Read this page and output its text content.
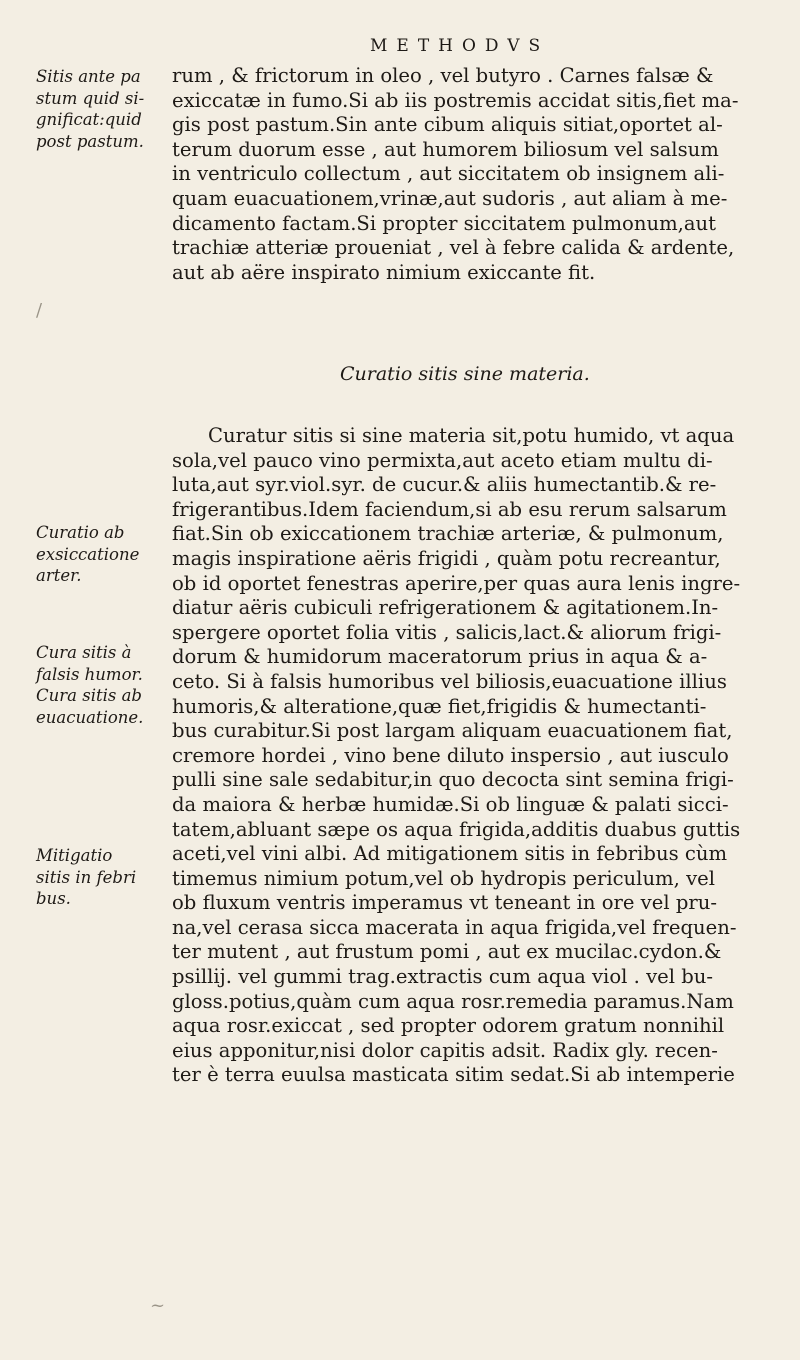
METHODVS
Sitis ante pa
stum quid si-
gnificat:quid
post pastum.
rum , & frictorum in oleo , vel butyro . Carnes falsæ &
exiccatæ in fumo.Si ab iis postremis accidat sitis,fiet ma-
gis post pastum.Sin ante cibum aliquis sitiat,oportet al-
terum duorum esse , aut humorem biliosum vel salsum
in ventriculo collectum , aut siccitatem ob insignem ali-
quam euacuationem,vrinæ,aut sudoris , aut aliam à me-
dicamento factam.Si propter siccitatem pulmonum,aut
trachiæ atteriæ proueniat , vel à febre calida & ardente,
aut ab aëre inspirato nimium exiccante fit.
/
Curatio sitis sine materia.
Curatio ab
exsiccatione
arter.
Cura sitis à
falsis humor.
Cura sitis ab
euacuatione.
Mitigatio
sitis in febri
bus.
Curatur sitis si sine materia sit,potu humido, vt aqua
sola,vel pauco vino permixta,aut aceto etiam multu di-
luta,aut syr.viol.syr. de cucur.& aliis humectantib.& re-
frigerantibus.Idem faciendum,si ab esu rerum salsarum
fiat.Sin ob exiccationem trachiæ arteriæ, & pulmonum,
magis inspiratione aëris frigidi , quàm potu recreantur,
ob id oportet fenestras aperire,per quas aura lenis ingre-
diatur aëris cubiculi refrigerationem & agitationem.In-
spergere oportet folia vitis , salicis,lact.& aliorum frigi-
dorum & humidorum maceratorum prius in aqua & a-
ceto. Si à falsis humoribus vel biliosis,euacuatione illius
humoris,& alteratione,quæ fiet,frigidis & humectanti-
bus curabitur.Si post largam aliquam euacuationem fiat,
cremore hordei , vino bene diluto inspersio , aut iusculo
pulli sine sale sedabitur,in quo decocta sint semina frigi-
da maiora & herbæ humidæ.Si ob linguæ & palati sicci-
tatem,abluant sæpe os aqua frigida,additis duabus guttis
aceti,vel vini albi. Ad mitigationem sitis in febribus cùm
timemus nimium potum,vel ob hydropis periculum, vel
ob fluxum ventris imperamus vt teneant in ore vel pru-
na,vel cerasa sicca macerata in aqua frigida,vel frequen-
ter mutent , aut frustum pomi , aut ex mucilac.cydon.&
psillij. vel gummi trag.extractis cum aqua viol . vel bu-
gloss.potius,quàm cum aqua rosr.remedia paramus.Nam
aqua rosr.exiccat , sed propter odorem gratum nonnihil
eius apponitur,nisi dolor capitis adsit. Radix gly. recen-
ter è terra euulsa masticata sitim sedat.Si ab intemperie
~
